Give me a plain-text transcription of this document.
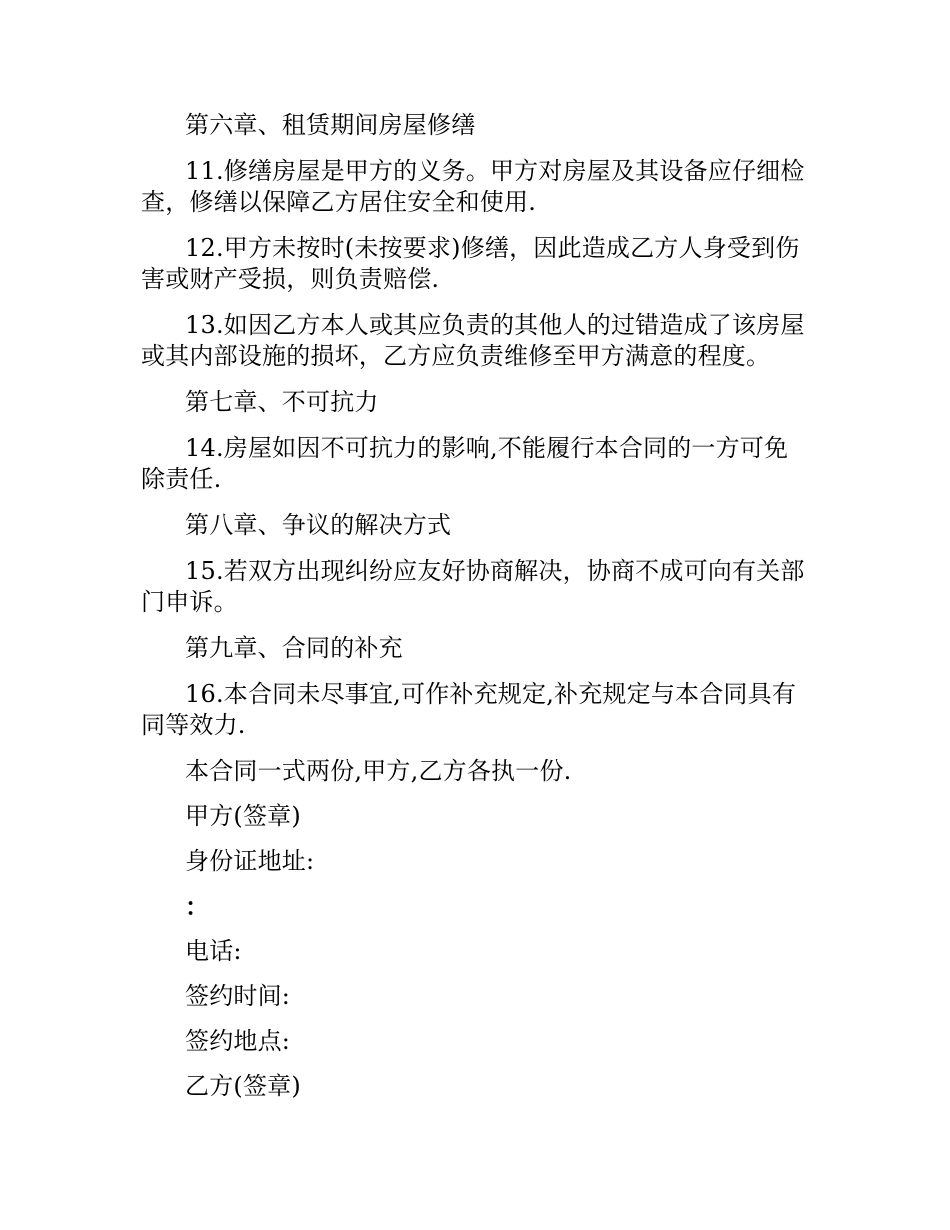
第六章、租赁期间房屋修缮

11.修缮房屋是甲方的义务。甲方对房屋及其设备应仔细检查，修缮以保障乙方居住安全和使用.

12.甲方未按时(未按要求)修缮，因此造成乙方人身受到伤害或财产受损，则负责赔偿.

13.如因乙方本人或其应负责的其他人的过错造成了该房屋或其内部设施的损坏，乙方应负责维修至甲方满意的程度。

第七章、不可抗力

14.房屋如因不可抗力的影响,不能履行本合同的一方可免除责任.

第八章、争议的解决方式

15.若双方出现纠纷应友好协商解决，协商不成可向有关部门申诉。

第九章、合同的补充

16.本合同未尽事宜,可作补充规定,补充规定与本合同具有同等效力.

本合同一式两份,甲方,乙方各执一份.

甲方(签章)

身份证地址:

：

电话:

签约时间:

签约地点:

乙方(签章)
